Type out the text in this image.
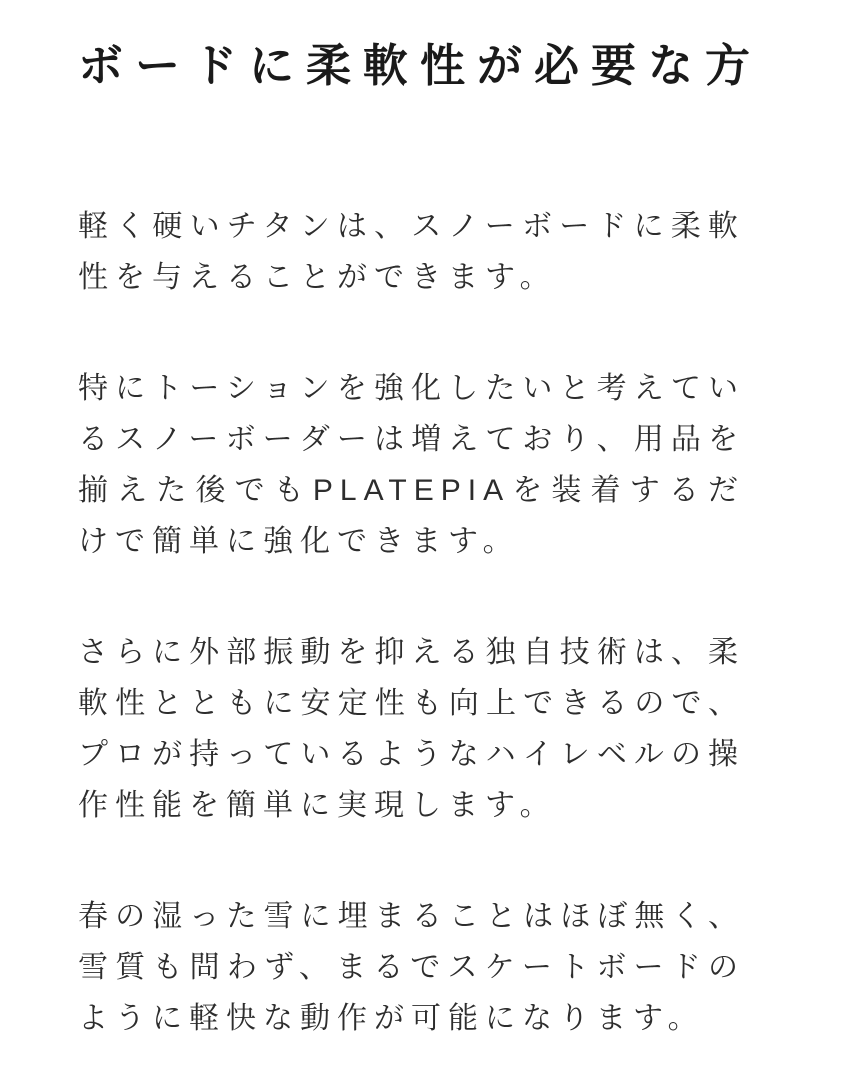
ボードに柔軟性が必要な方
軽く硬いチタンは、スノーボードに柔軟
性を与えることができます。
特にトーションを強化したいと考えてい
るスノーボーダーは増えており、用品を
揃えた後でもPLATEPIAを装着するだ
けで簡単に強化できます。
さらに外部振動を抑える独自技術は、柔
軟性とともに安定性も向上できるので、
プロが持っているようなハイレベルの操
作性能を簡単に実現します。
春の湿った雪に埋まることはほぼ無く、
雪質も問わず、まるでスケートボードの
ように軽快な動作が可能になります。
